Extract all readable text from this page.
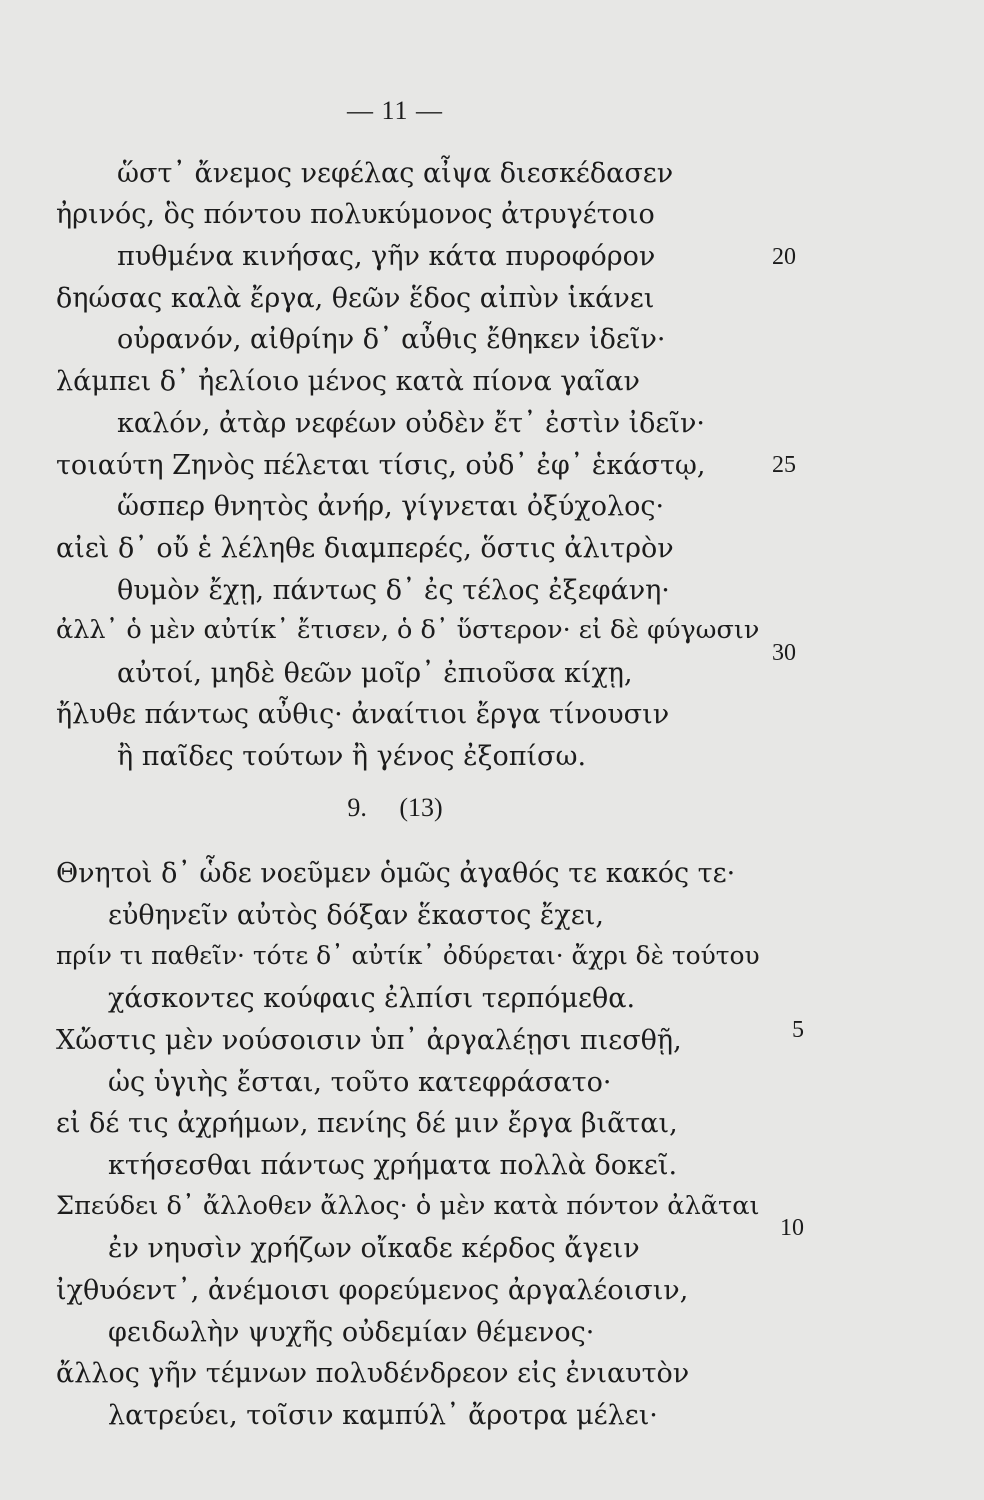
— 11 —
ὥστ᾽ ἄνεμος νεφέλας αἶψα διεσκέδασεν
ἠρινός, ὃς πόντου πολυκύμονος ἀτρυγέτοιο
πυθμένα κινήσας, γῆν κάτα πυροφόρον
δηώσας καλὰ ἔργα, θεῶν ἕδος αἰπὺν ἱκάνει
οὐρανόν, αἰθρίην δ᾽ αὖθις ἔθηκεν ἰδεῖν·
λάμπει δ᾽ ἠελίοιο μένος κατὰ πίονα γαῖαν
καλόν, ἀτὰρ νεφέων οὐδὲν ἔτ᾽ ἐστὶν ἰδεῖν·
τοιαύτη Ζηνὸς πέλεται τίσις, οὐδ᾽ ἐφ᾽ ἑκάστῳ,
ὥσπερ θνητὸς ἀνήρ, γίγνεται ὀξύχολος·
αἰεὶ δ᾽ οὔ ἑ λέληθε διαμπερές, ὅστις ἀλιτρὸν
θυμὸν ἔχῃ, πάντως δ᾽ ἐς τέλος ἐξεφάνη·
ἀλλ᾽ ὁ μὲν αὐτίκ᾽ ἔτισεν, ὁ δ᾽ ὕστερον· εἰ δὲ φύγωσιν
αὐτοί, μηδὲ θεῶν μοῖρ᾽ ἐπιοῦσα κίχῃ,
ἤλυθε πάντως αὖθις· ἀναίτιοι ἔργα τίνουσιν
ἢ παῖδες τούτων ἢ γένος ἐξοπίσω.
20
25
30
9.     (13)
Θνητοὶ δ᾽ ὧδε νοεῦμεν ὁμῶς ἀγαθός τε κακός τε·
εὐθηνεῖν αὐτὸς δόξαν ἕκαστος ἔχει,
πρίν τι παθεῖν· τότε δ᾽ αὐτίκ᾽ ὀδύρεται· ἄχρι δὲ τούτου
χάσκοντες κούφαις ἐλπίσι τερπόμεθα.
Χὤστις μὲν νούσοισιν ὑπ᾽ ἀργαλέῃσι πιεσθῇ,
ὡς ὑγιὴς ἔσται, τοῦτο κατεφράσατο·
εἰ δέ τις ἀχρήμων, πενίης δέ μιν ἔργα βιᾶται,
κτήσεσθαι πάντως χρήματα πολλὰ δοκεῖ.
Σπεύδει δ᾽ ἄλλοθεν ἄλλος· ὁ μὲν κατὰ πόντον ἀλᾶται
ἐν νηυσὶν χρήζων οἴκαδε κέρδος ἄγειν
ἰχθυόεντ᾽, ἀνέμοισι φορεύμενος ἀργαλέοισιν,
φειδωλὴν ψυχῆς οὐδεμίαν θέμενος·
ἄλλος γῆν τέμνων πολυδένδρεον εἰς ἐνιαυτὸν
λατρεύει, τοῖσιν καμπύλ᾽ ἄροτρα μέλει·
5
10
